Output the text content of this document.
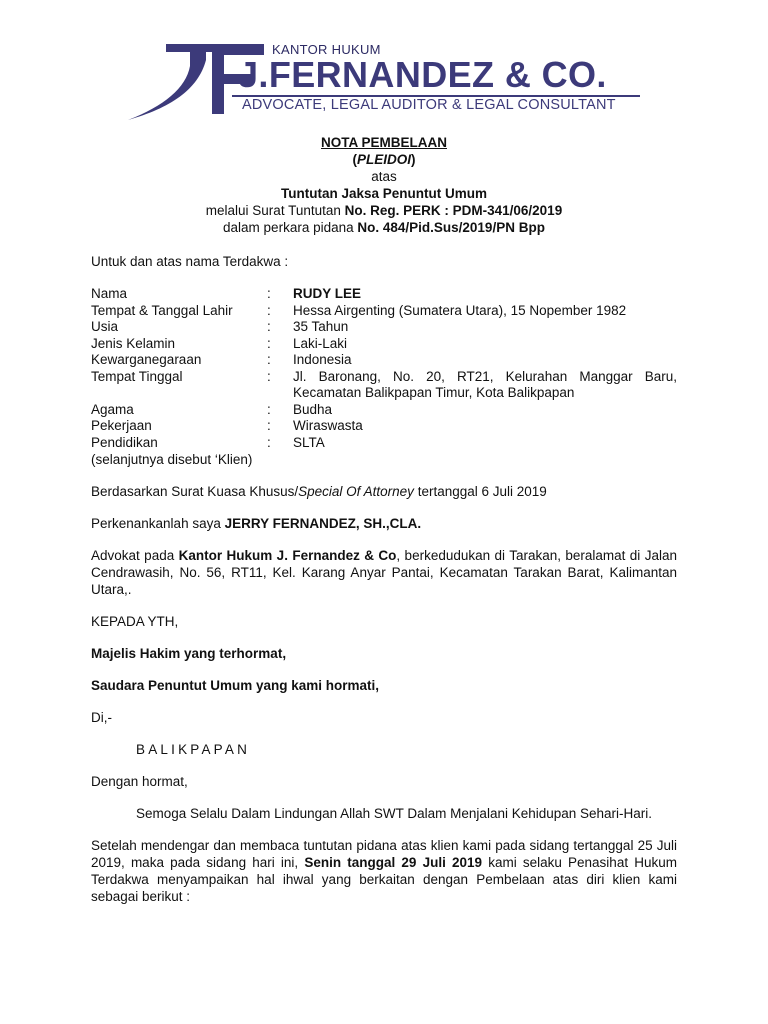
KANTOR HUKUM
J.FERNANDEZ & CO.
ADVOCATE, LEGAL AUDITOR & LEGAL CONSULTANT

NOTA PEMBELAAN

(PLEIDOI)

atas

Tuntutan Jaksa Penuntut Umum

melalui Surat Tuntutan No. Reg. PERK : PDM-341/06/2019

dalam perkara pidana No. 484/Pid.Sus/2019/PN Bpp

Untuk dan atas nama Terdakwa :

Nama	:	RUDY LEE
Tempat & Tanggal Lahir	:	Hessa Airgenting (Sumatera Utara), 15 Nopember 1982
Usia	:	35 Tahun
Jenis Kelamin	:	Laki-Laki
Kewarganegaraan	:	Indonesia
Tempat Tinggal	:	Jl. Baronang, No. 20, RT21, Kelurahan Manggar Baru, Kecamatan Balikpapan Timur, Kota Balikpapan
Agama	:	Budha
Pekerjaan	:	Wiraswasta
Pendidikan	:	SLTA

(selanjutnya disebut ‘Klien)

Berdasarkan Surat Kuasa Khusus/Special Of Attorney tertanggal 6 Juli 2019

Perkenankanlah saya JERRY FERNANDEZ, SH.,CLA.

Advokat pada Kantor Hukum J. Fernandez & Co, berkedudukan di Tarakan, beralamat di Jalan Cendrawasih, No. 56, RT11, Kel. Karang Anyar Pantai, Kecamatan Tarakan Barat, Kalimantan Utara,.

KEPADA YTH,

Majelis Hakim yang terhormat,

Saudara Penuntut Umum yang kami hormati,

Di,-

BALIKPAPAN

Dengan hormat,

Semoga Selalu Dalam Lindungan Allah SWT Dalam Menjalani Kehidupan Sehari-Hari.

Setelah mendengar dan membaca tuntutan pidana atas klien kami pada sidang tertanggal 25 Juli 2019, maka pada sidang hari ini, Senin tanggal 29 Juli 2019 kami selaku Penasihat Hukum Terdakwa menyampaikan hal ihwal yang berkaitan dengan Pembelaan atas diri klien kami sebagai berikut :
